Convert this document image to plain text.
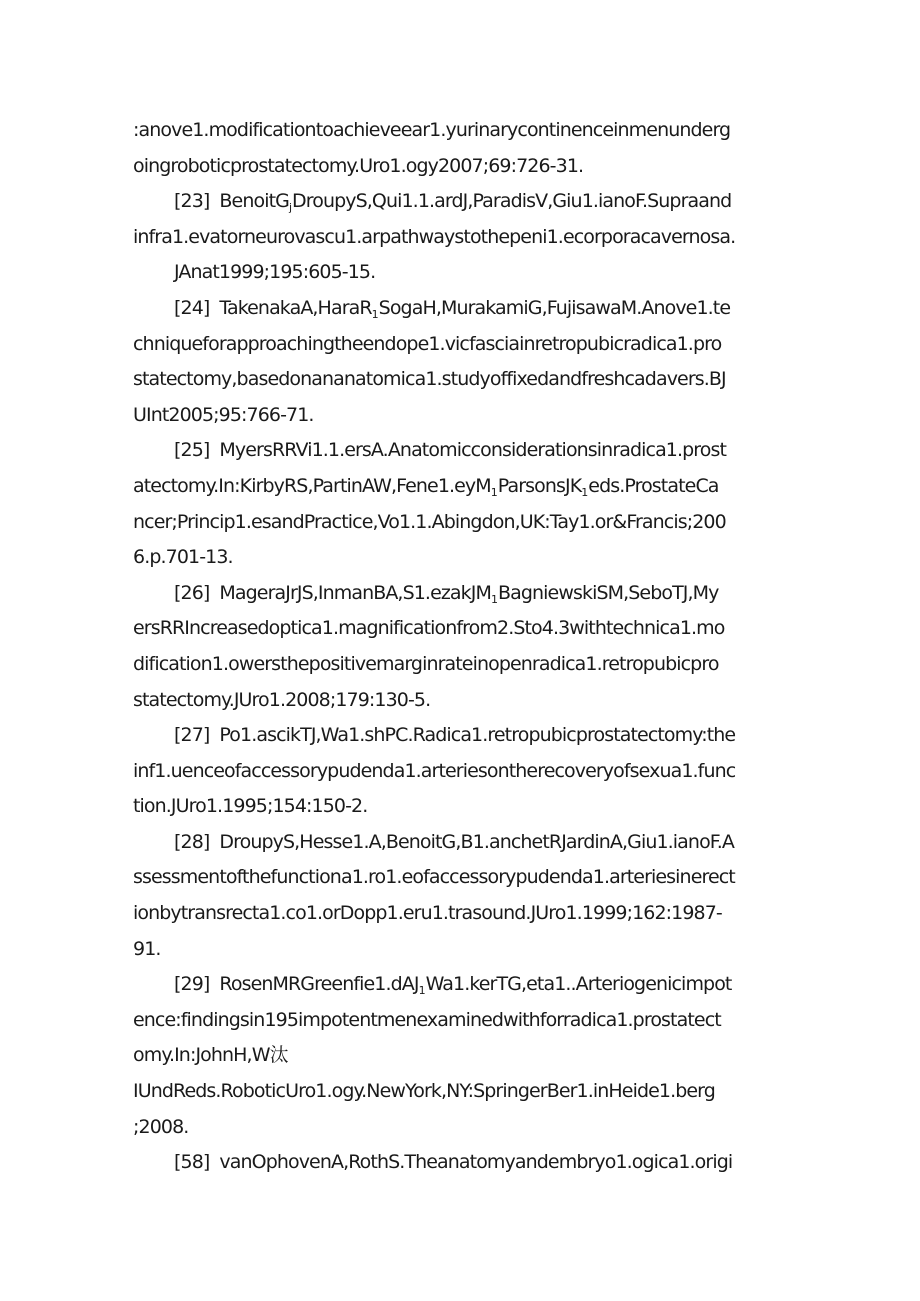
:anove1.modificationtoachieveear1.yurinarycontinenceinmenunderg
oingroboticprostatectomy.Uro1.ogy2007;69:726-31.
[23] BenoitG$_j$DroupyS,Qui1.1.ardJ,ParadisV,Giu1.ianoF.Supraand
infra1.evatorneurovascu1.arpathwaystothepeni1.ecorporacavernosa.
JAnat1999;195:605-15.
[24] TakenakaA,HaraR$_1$SogaH,MurakamiG,FujisawaM.Anove1.te
chniqueforapproachingtheendope1.vicfasciainretropubicradica1.pro
statectomy,basedonananatomica1.studyoffixedandfreshcadavers.BJ
UInt2005;95:766-71.
[25] MyersRRVi1.1.ersA.Anatomicconsiderationsinradica1.prost
atectomy.In:KirbyRS,PartinAW,Fene1.eyM$_1$ParsonsJK$_1$eds.ProstateCa
ncer;Princip1.esandPractice,Vo1.1.Abingdon,UK:Tay1.or&Francis;200
6.p.701-13.
[26] MageraJrJS,InmanBA,S1.ezakJM$_1$BagniewskiSM,SeboTJ,My
ersRRIncreasedoptica1.magnificationfrom2.Sto4.3withtechnica1.mo
dification1.owersthepositivemarginrateinopenradica1.retropubicpro
statectomy.JUro1.2008;179:130-5.
[27] Po1.ascikTJ,Wa1.shPC.Radica1.retropubicprostatectomy:the
inf1.uenceofaccessorypudenda1.arteriesontherecoveryofsexua1.func
tion.JUro1.1995;154:150-2.
[28] DroupyS,Hesse1.A,BenoitG,B1.anchetRJardinA,Giu1.ianoF.A
ssessmentofthefunctiona1.ro1.eofaccessorypudenda1.arteriesinerect
ionbytransrecta1.co1.orDopp1.eru1.trasound.JUro1.1999;162:1987-
91.
[29] RosenMRGreenfie1.dAJ$_1$Wa1.kerTG,eta1..Arteriogenicimpot
ence:findingsin195impotentmenexaminedwithforradica1.prostatect
omy.In:JohnH,W汰
IUndReds.RoboticUro1.ogy.NewYork,NY:SpringerBer1.inHeide1.berg
;2008.
[58] vanOphovenA,RothS.Theanatomyandembryo1.ogica1.origi
